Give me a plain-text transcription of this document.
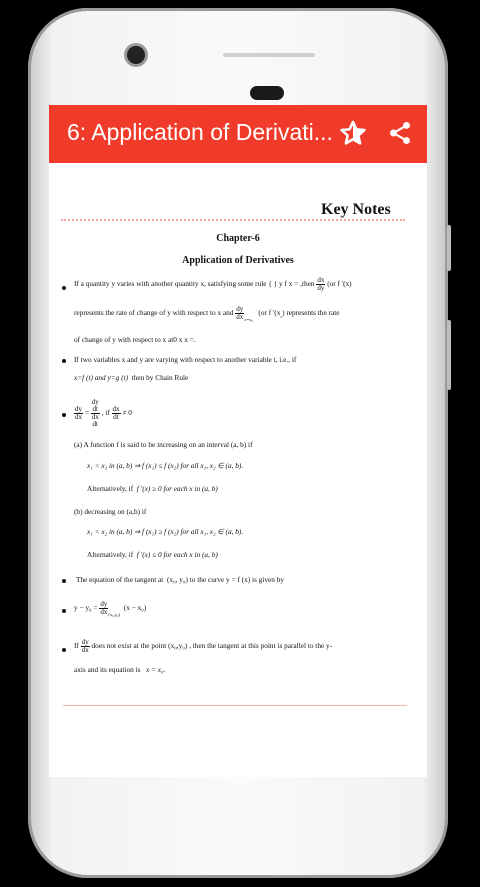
6: Application of Derivati...
Key Notes
Chapter-6
Application of Derivatives
If a quantity y varies with another quantity x, satisfying some rule { } y f x = ,then $\frac{dx}{dy} (or$ f '(x)
represents the rate of change of y with respect to x and $\frac{dy}{dx} _{x=x_0}$   (or f '$(x_{_0})$ represents the rate
of change of y with respect to x at0 x x =.
If two variables x and y are varying with respect to another variable t, i.e., if
x=f (t) and y=g (t) then by Chain Rule
$\frac{dy}{dx}$ =
dy
dt
dx
dt
, if $\frac{dx}{dt} \ne 0$
(a) A function f is said to be increasing on an interval (a, b) if
x₁ < x₂ in (a, b) ⇒ f (x₁) ≤ f (x₂) for all x₁, x₂ ∈ (a, b).
Alternatively, if f ′(x) ≥ 0 for each x in (a, b)
(b) decreasing on (a,b) if
x₁ < x₂ in (a, b) ⇒ f (x₁) ≥ f (x₂) for all x₁, x₂ ∈ (a, b).
Alternatively, if f ′(x) ≤ 0 for each x in (a, b)
The equation of the tangent at (x₀, y₀) to the curve y = f (x) is given by
$y - y_0 = \frac{dy}{dx} _{(x_0,y_0)}$  (x − x₀)
If $\frac{dy}{dx}$ does not exist at the point (x₀,y₀) , then the tangent at this point is parallel to the y-
axis and its equation is x = x₀.
